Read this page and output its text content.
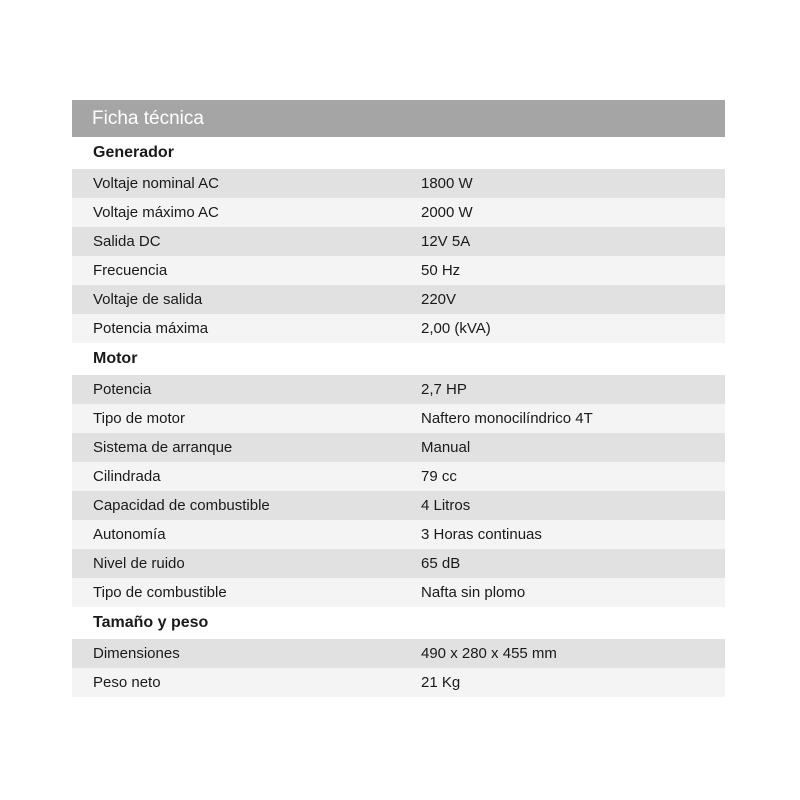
Ficha técnica
Generador
Voltaje nominal AC	1800 W
Voltaje máximo AC	2000 W
Salida DC	12V 5A
Frecuencia	50 Hz
Voltaje de salida	220V
Potencia máxima	2,00 (kVA)
Motor
Potencia	2,7 HP
Tipo de motor	Naftero monocilíndrico 4T
Sistema de arranque	Manual
Cilindrada	79 cc
Capacidad de combustible	4 Litros
Autonomía	3 Horas continuas
Nivel de ruido	65 dB
Tipo de combustible	Nafta sin plomo
Tamaño y peso
Dimensiones	490 x 280 x 455 mm
Peso neto	21 Kg
